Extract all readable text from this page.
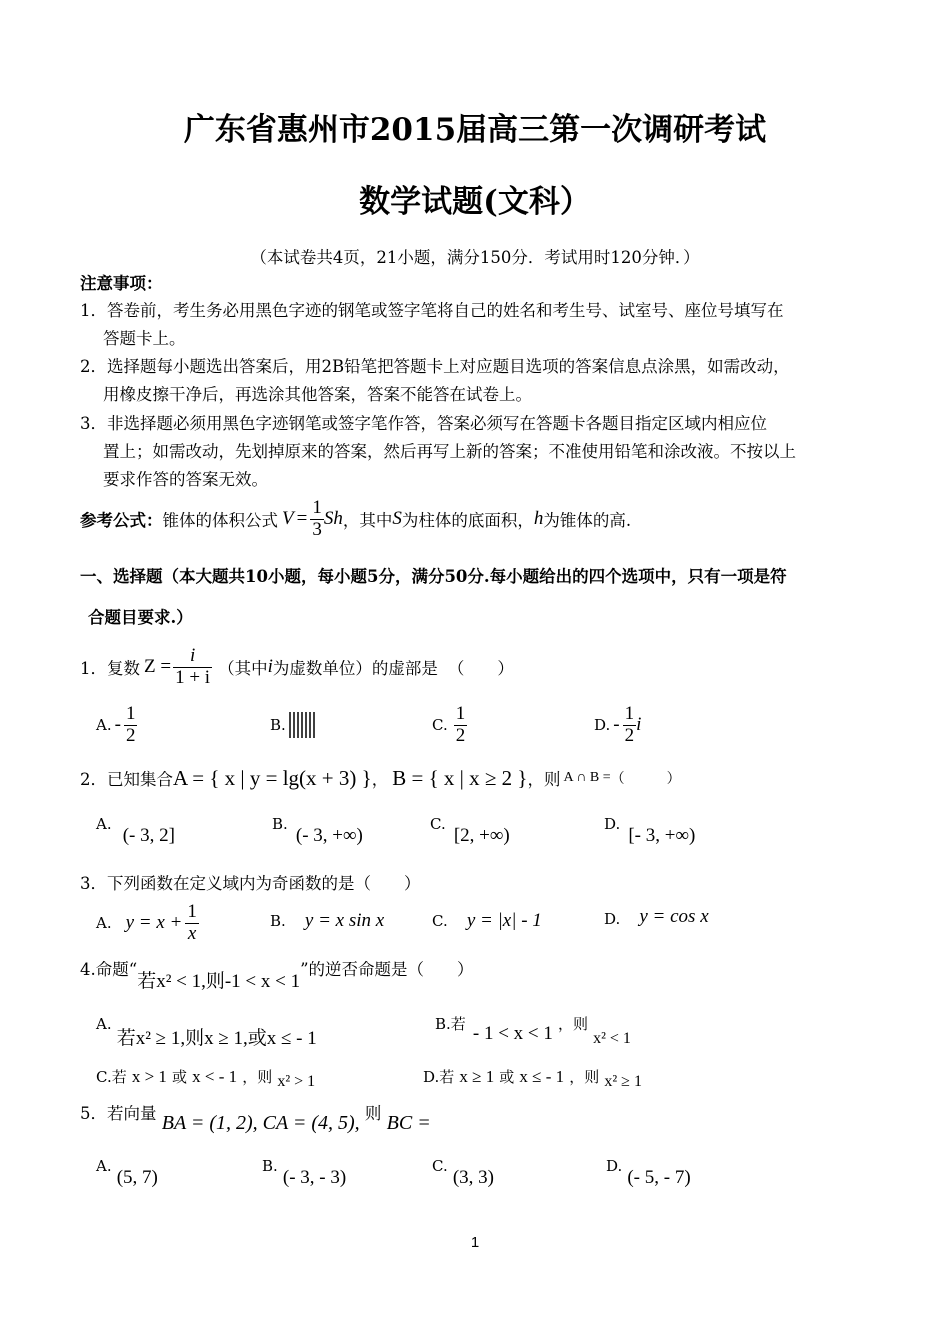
广东省惠州市2015届高三第一次调研考试
数学试题(文科）
（本试卷共4页，21小题，满分150分．考试用时120分钟．）
注意事项：
1．答卷前，考生务必用黑色字迹的钢笔或签字笔将自己的姓名和考生号、试室号、座位号填写在
答题卡上。
2．选择题每小题选出答案后，用2B铅笔把答题卡上对应题目选项的答案信息点涂黑，如需改动，
用橡皮擦干净后，再选涂其他答案，答案不能答在试卷上。
3．非选择题必须用黑色字迹钢笔或签字笔作答，答案必须写在答题卡各题目指定区域内相应位
置上；如需改动，先划掉原来的答案，然后再写上新的答案；不准使用铅笔和涂改液。不按以上
要求作答的答案无效。
参考公式： 锥体的体积公式 $V = \frac{1}{3}$ Sh ，其中 S 为柱体的底面积， h 为锥体的高.
一、选择题（本大题共10小题，每小题5分，满分50分.每小题给出的四个选项中，只有一项是符
合题目要求.）
1．复数 $Z = \frac{i}{1 + i}$ （其中 i 为虚数单位）的虚部是 （　　）
A. - $\frac{1}{2}$	B.	C. $\frac{1}{2}$	D. - $\frac{1}{2}$ i
2．已知集合 A = { x | y = lg(x + 3) } ， B = { x | x ≥ 2 } ，则 A ∩ B = （　　　）
A. (- 3, 2]
B. (- 3, +∞)
C. [2, +∞)
D. [- 3, +∞)
3．下列函数在定义域内为奇函数的是（　　）
A. $y = x + \frac{1}{x}$	B. y = x sin x	C. y = |x| - 1	D. y = cos x
4.命题“
若x² < 1,则-1 < x < 1
”的逆否命题是（　　）
A. 若x² ≥ 1,则x ≥ 1,或x ≤ - 1
B.若 - 1 < x < 1 ，则 x² < 1
C.若 x > 1 或 x < - 1 ，则 x² > 1	D.若 x ≥ 1 或 x ≤ - 1 ，则 x² ≥ 1
5．若向量 BA = (1, 2), CA = (4, 5), 则 BC =
A. (5, 7)
B. (- 3, - 3)
C. (3, 3)
D. (- 5, - 7)
1
